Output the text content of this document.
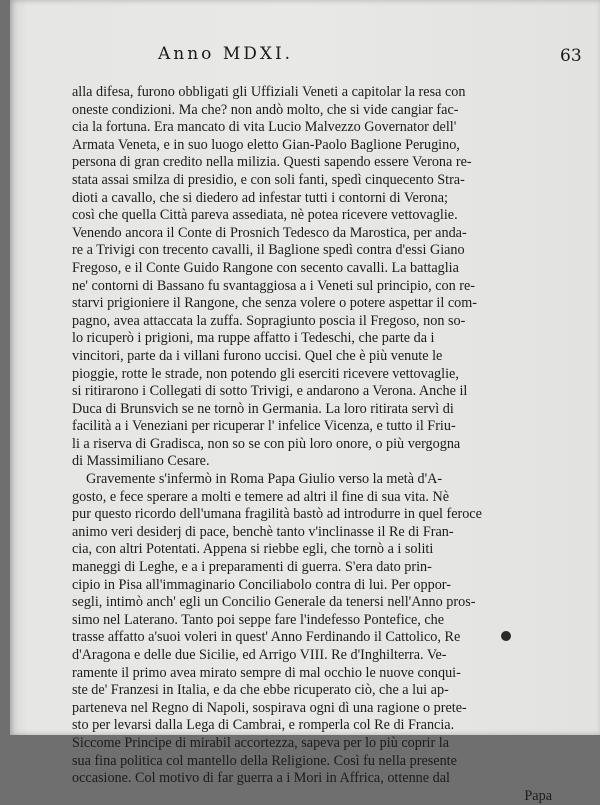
Anno MDXI.	63
alla difesa, furono obbligati gli Uffiziali Veneti a capitolar la resa con
oneste condizioni. Ma che? non andò molto, che si vide cangiar fac-
cia la fortuna. Era mancato di vita Lucio Malvezzo Governator dell'
Armata Veneta, e in suo luogo eletto Gian-Paolo Baglione Perugino,
persona di gran credito nella milizia. Questi sapendo essere Verona re-
stata assai smilza di presidio, e con soli fanti, spedì cinquecento Stra-
dioti a cavallo, che si diedero ad infestar tutti i contorni di Verona;
così che quella Città pareva assediata, nè potea ricevere vettovaglie.
Venendo ancora il Conte di Prosnich Tedesco da Marostica, per anda-
re a Trivigi con trecento cavalli, il Baglione spedì contra d'essi Giano
Fregoso, e il Conte Guido Rangone con secento cavalli. La battaglia
ne' contorni di Bassano fu svantaggiosa a i Veneti sul principio, con re-
starvi prigioniere il Rangone, che senza volere o potere aspettar il com-
pagno, avea attaccata la zuffa. Sopragiunto poscia il Fregoso, non so-
lo ricuperò i prigioni, ma ruppe affatto i Tedeschi, che parte da i
vincitori, parte da i villani furono uccisi. Quel che è più venute le
pioggie, rotte le strade, non potendo gli eserciti ricevere vettovaglie,
si ritirarono i Collegati di sotto Trivigi, e andarono a Verona. Anche il
Duca di Brunsvich se ne tornò in Germania. La loro ritirata servì di
facilità a i Veneziani per ricuperar l' infelice Vicenza, e tutto il Friu-
li a riserva di Gradisca, non so se con più loro onore, o più vergogna
di Massimiliano Cesare.
Gravemente s'infermò in Roma Papa Giulio verso la metà d'A-
gosto, e fece sperare a molti e temere ad altri il fine di sua vita. Nè
pur questo ricordo dell'umana fragilità bastò ad introdurre in quel feroce
animo veri desiderj di pace, benchè tanto v'inclinasse il Re di Fran-
cia, con altri Potentati. Appena si riebbe egli, che tornò a i soliti
maneggi di Leghe, e a i preparamenti di guerra. S'era dato prin-
cipio in Pisa all'immaginario Conciliabolo contra di lui. Per oppor-
segli, intimò anch' egli un Concilio Generale da tenersi nell'Anno pros-
simo nel Laterano. Tanto poi seppe fare l'indefesso Pontefice, che
trasse affatto a'suoi voleri in quest' Anno Ferdinando il Cattolico, Re
d'Aragona e delle due Sicilie, ed Arrigo VIII. Re d'Inghilterra. Ve-
ramente il primo avea mirato sempre di mal occhio le nuove conqui-
ste de' Franzesi in Italia, e da che ebbe ricuperato ciò, che a lui ap-
parteneva nel Regno di Napoli, sospirava ogni dì una ragione o prete-
sto per levarsi dalla Lega di Cambrai, e romperla col Re di Francia.
Siccome Principe di mirabil accortezza, sapeva per lo più coprir la
sua fina politica col mantello della Religione. Così fu nella presente
occasione. Col motivo di far guerra a i Mori in Affrica, ottenne dal
Papa
